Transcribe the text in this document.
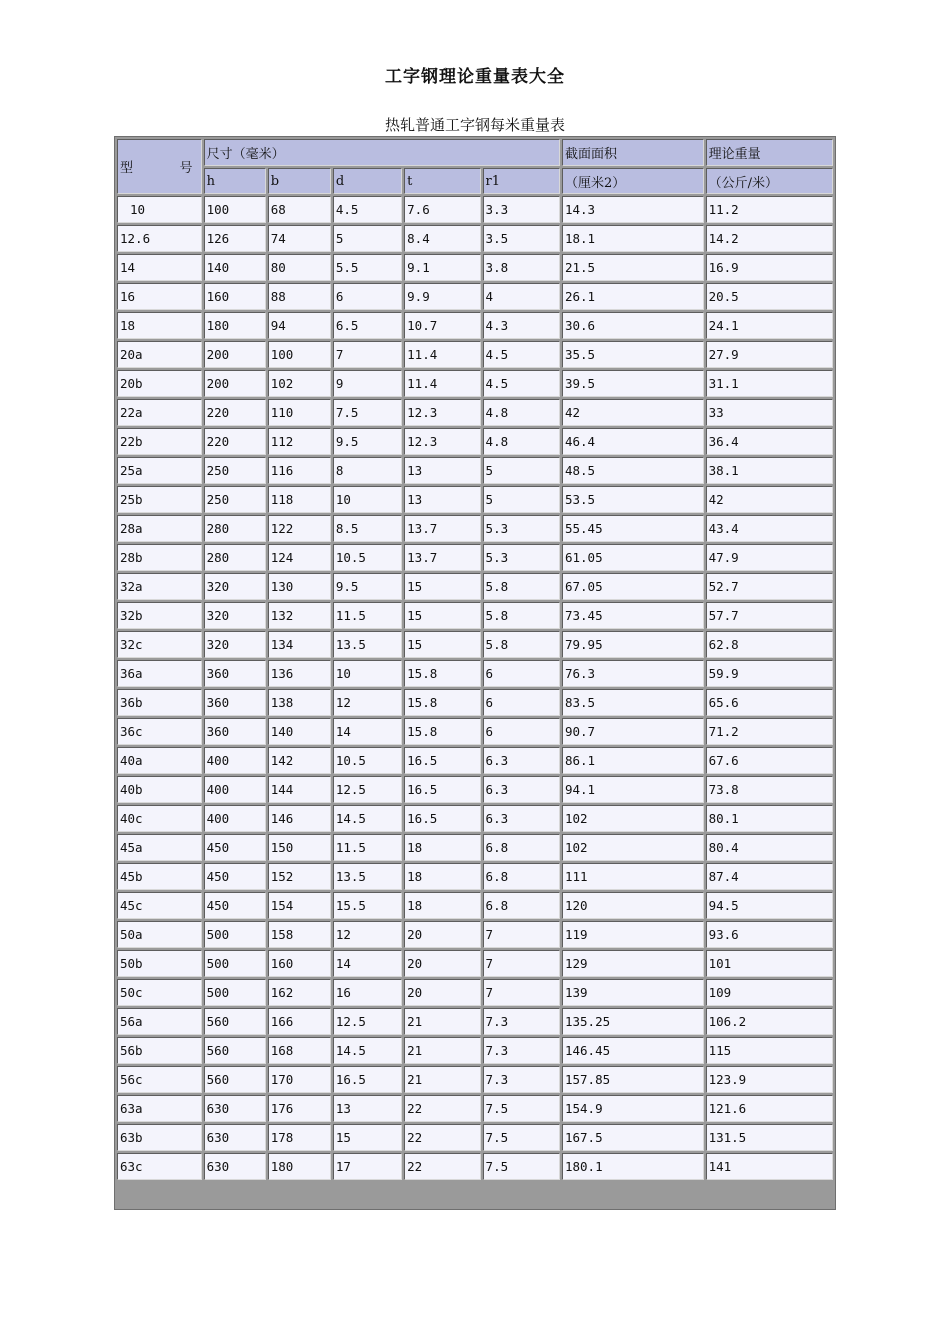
工字钢理论重量表大全
热轧普通工字钢每米重量表
型 号	尺寸（毫米）					截面面积	理论重量
	h	b	d	t	r1	（厘米2）	（公斤/米）
10	100	68	4.5	7.6	3.3	14.3	11.2
12.6	126	74	5	8.4	3.5	18.1	14.2
14	140	80	5.5	9.1	3.8	21.5	16.9
16	160	88	6	9.9	4	26.1	20.5
18	180	94	6.5	10.7	4.3	30.6	24.1
20a	200	100	7	11.4	4.5	35.5	27.9
20b	200	102	9	11.4	4.5	39.5	31.1
22a	220	110	7.5	12.3	4.8	42	33
22b	220	112	9.5	12.3	4.8	46.4	36.4
25a	250	116	8	13	5	48.5	38.1
25b	250	118	10	13	5	53.5	42
28a	280	122	8.5	13.7	5.3	55.45	43.4
28b	280	124	10.5	13.7	5.3	61.05	47.9
32a	320	130	9.5	15	5.8	67.05	52.7
32b	320	132	11.5	15	5.8	73.45	57.7
32c	320	134	13.5	15	5.8	79.95	62.8
36a	360	136	10	15.8	6	76.3	59.9
36b	360	138	12	15.8	6	83.5	65.6
36c	360	140	14	15.8	6	90.7	71.2
40a	400	142	10.5	16.5	6.3	86.1	67.6
40b	400	144	12.5	16.5	6.3	94.1	73.8
40c	400	146	14.5	16.5	6.3	102	80.1
45a	450	150	11.5	18	6.8	102	80.4
45b	450	152	13.5	18	6.8	111	87.4
45c	450	154	15.5	18	6.8	120	94.5
50a	500	158	12	20	7	119	93.6
50b	500	160	14	20	7	129	101
50c	500	162	16	20	7	139	109
56a	560	166	12.5	21	7.3	135.25	106.2
56b	560	168	14.5	21	7.3	146.45	115
56c	560	170	16.5	21	7.3	157.85	123.9
63a	630	176	13	22	7.5	154.9	121.6
63b	630	178	15	22	7.5	167.5	131.5
63c	630	180	17	22	7.5	180.1	141
